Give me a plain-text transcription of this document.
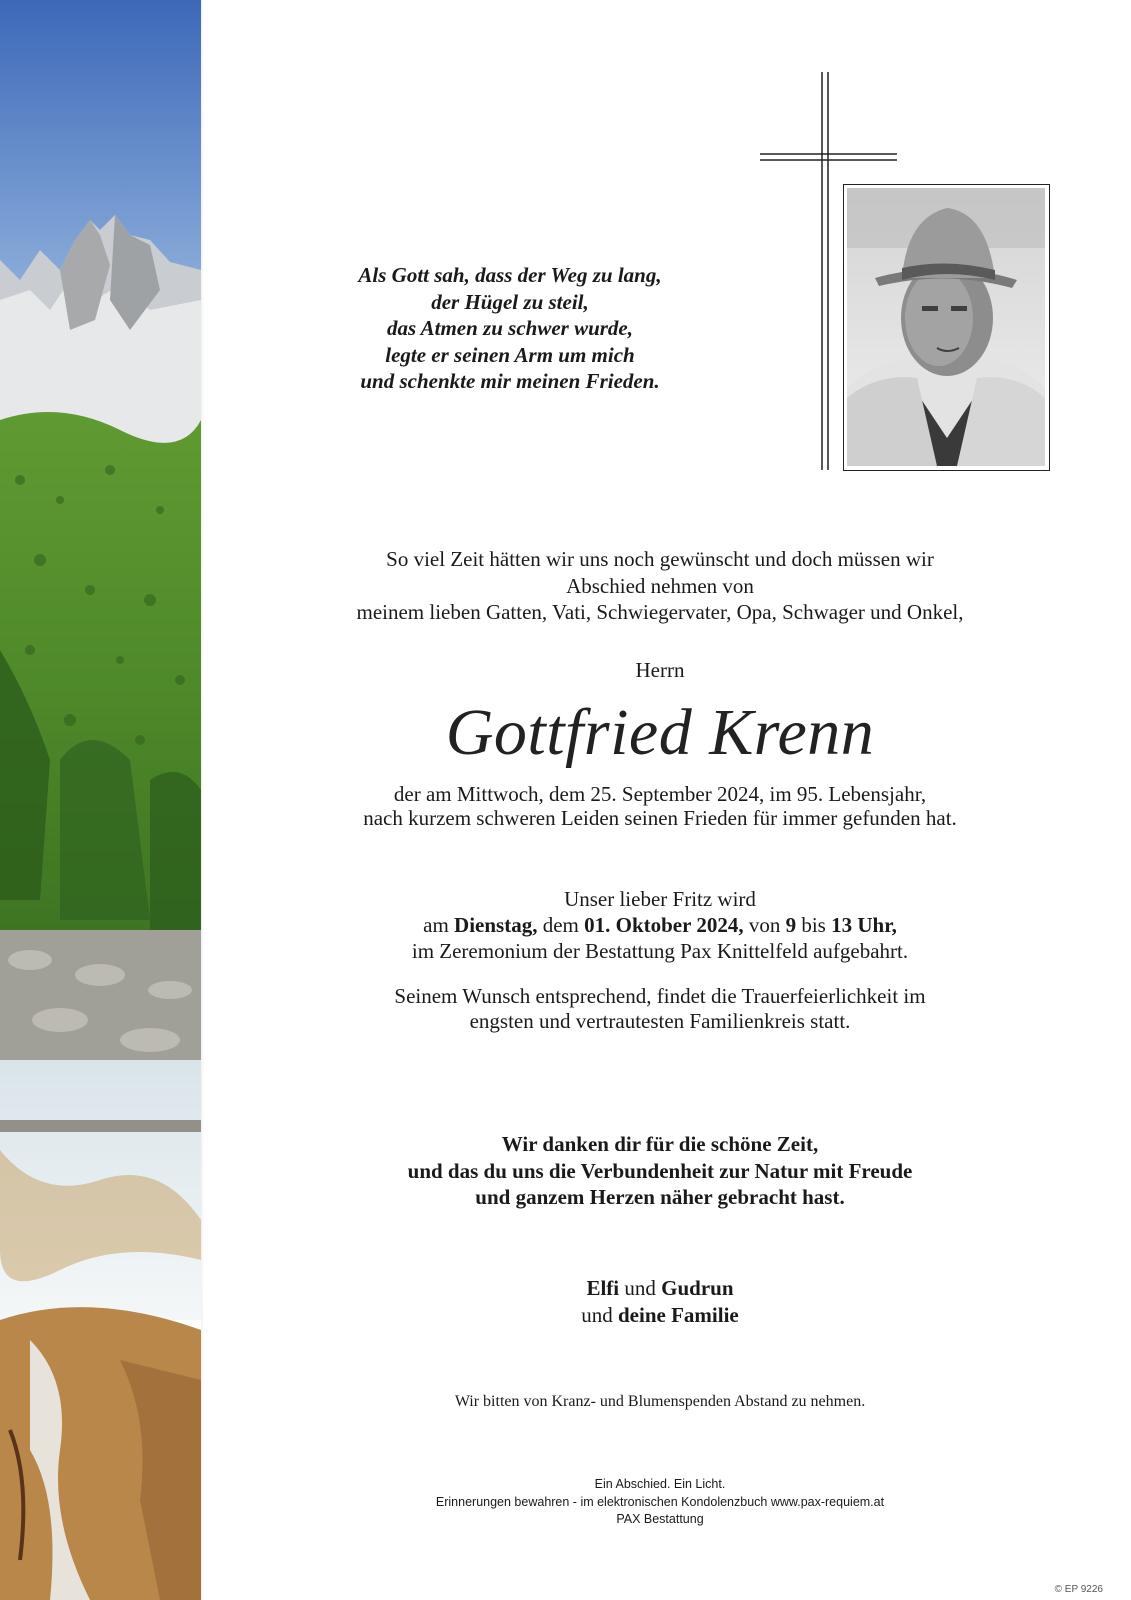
Als Gott sah, dass der Weg zu lang,
der Hügel zu steil,
das Atmen zu schwer wurde,
legte er seinen Arm um mich
und schenkte mir meinen Frieden.
So viel Zeit hätten wir uns noch gewünscht und doch müssen wir
Abschied nehmen von
meinem lieben Gatten, Vati, Schwiegervater, Opa, Schwager und Onkel,
Herrn
Gottfried Krenn
der am Mittwoch, dem 25. September 2024, im 95. Lebensjahr,
nach kurzem schweren Leiden seinen Frieden für immer gefunden hat.
Unser lieber Fritz wird
am Dienstag, dem 01. Oktober 2024, von 9 bis 13 Uhr,
im Zeremonium der Bestattung Pax Knittelfeld aufgebahrt.
Seinem Wunsch entsprechend, findet die Trauerfeierlichkeit im
engsten und vertrautesten Familienkreis statt.
Wir danken dir für die schöne Zeit,
und das du uns die Verbundenheit zur Natur mit Freude
und ganzem Herzen näher gebracht hast.
Elfi und Gudrun
und deine Familie
Wir bitten von Kranz- und Blumenspenden Abstand zu nehmen.
Ein Abschied. Ein Licht.
Erinnerungen bewahren - im elektronischen Kondolenzbuch www.pax-requiem.at
PAX Bestattung
© EP 9226
